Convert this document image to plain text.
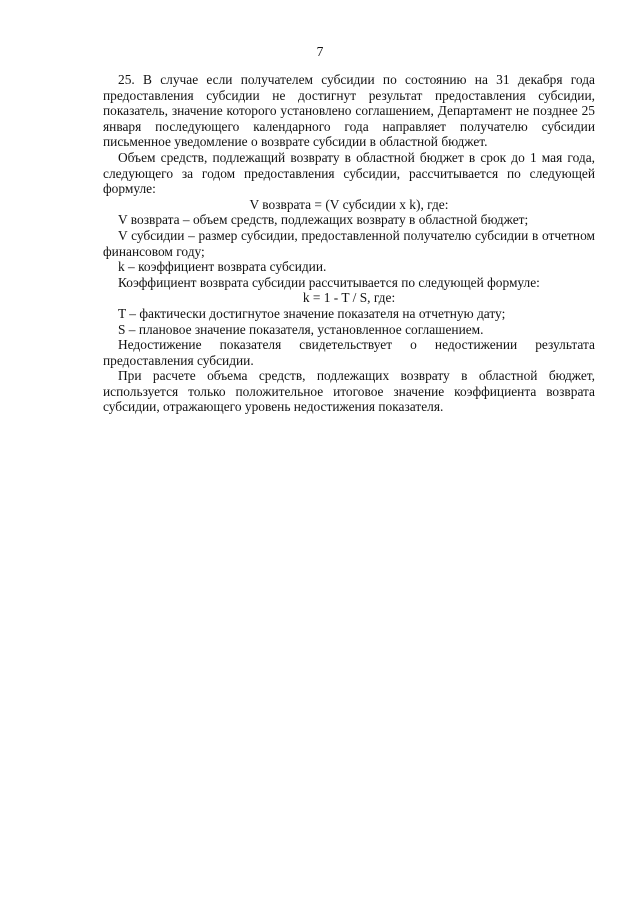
7

25. В случае если получателем субсидии по состоянию на 31 декабря года предоставления субсидии не достигнут результат предоставления субсидии, показатель, значение которого установлено соглашением, Департамент не позднее 25 января последующего календарного года направляет получателю субсидии письменное уведомление о возврате субсидии в областной бюджет.

Объем средств, подлежащий возврату в областной бюджет в срок до 1 мая года, следующего за годом предоставления субсидии, рассчитывается по следующей формуле:

V возврата = (V субсидии x k), где:

V возврата – объем средств, подлежащих возврату в областной бюджет;

V субсидии – размер субсидии, предоставленной получателю субсидии в отчетном финансовом году;

k – коэффициент возврата субсидии.

Коэффициент возврата субсидии рассчитывается по следующей формуле:

k = 1 - T / S, где:

T – фактически достигнутое значение показателя на отчетную дату;

S – плановое значение показателя, установленное соглашением.

Недостижение показателя свидетельствует о недостижении результата предоставления субсидии.

При расчете объема средств, подлежащих возврату в областной бюджет, используется только положительное итоговое значение коэффициента возврата субсидии, отражающего уровень недостижения показателя.
